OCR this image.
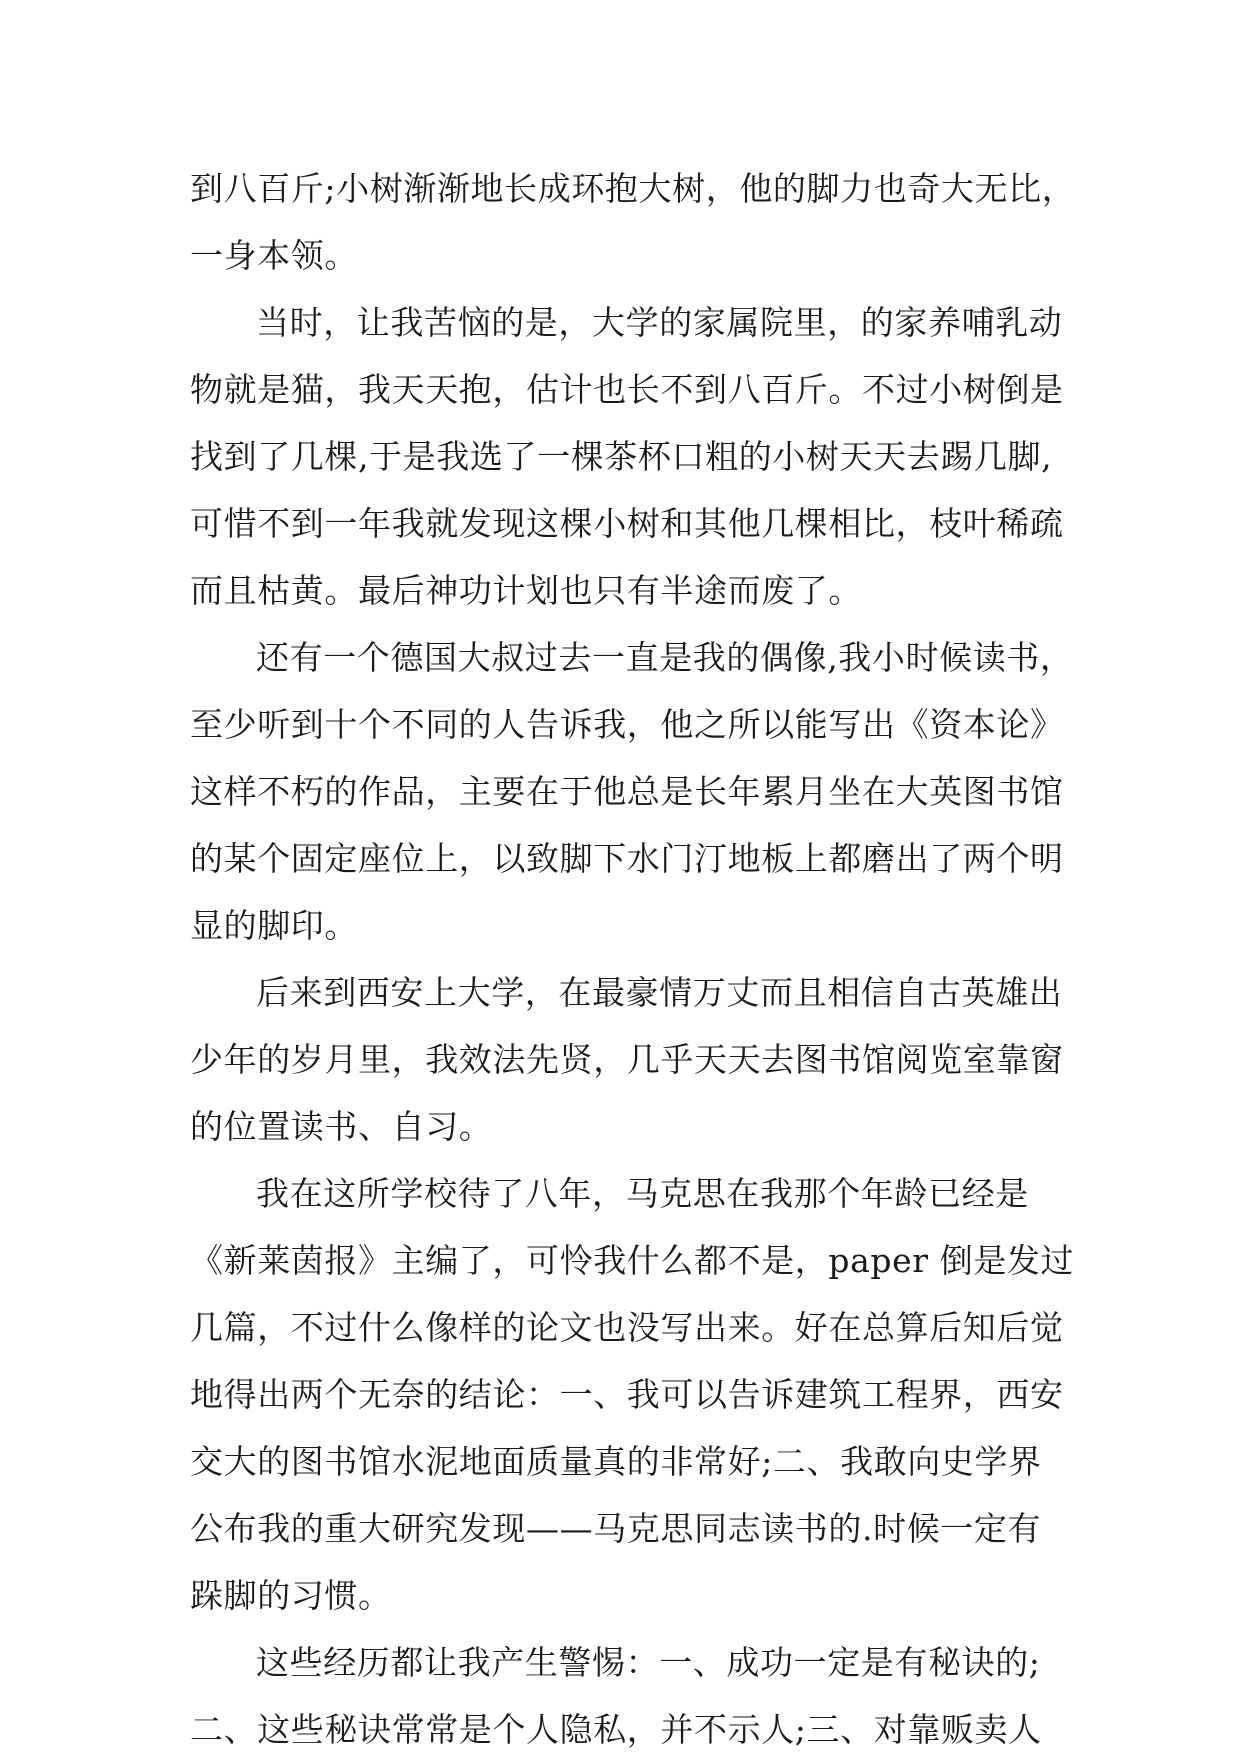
到八百斤;小树渐渐地长成环抱大树，他的脚力也奇大无比，
一身本领。
当时，让我苦恼的是，大学的家属院里，的家养哺乳动
物就是猫，我天天抱，估计也长不到八百斤。不过小树倒是
找到了几棵,于是我选了一棵茶杯口粗的小树天天去踢几脚,
可惜不到一年我就发现这棵小树和其他几棵相比，枝叶稀疏
而且枯黄。最后神功计划也只有半途而废了。
还有一个德国大叔过去一直是我的偶像,我小时候读书，
至少听到十个不同的人告诉我，他之所以能写出《资本论》
这样不朽的作品，主要在于他总是长年累月坐在大英图书馆
的某个固定座位上，以致脚下水门汀地板上都磨出了两个明
显的脚印。
后来到西安上大学，在最豪情万丈而且相信自古英雄出
少年的岁月里，我效法先贤，几乎天天去图书馆阅览室靠窗
的位置读书、自习。
我在这所学校待了八年，马克思在我那个年龄已经是
《新莱茵报》主编了，可怜我什么都不是，paper 倒是发过
几篇，不过什么像样的论文也没写出来。好在总算后知后觉
地得出两个无奈的结论：一、我可以告诉建筑工程界，西安
交大的图书馆水泥地面质量真的非常好;二、我敢向史学界
公布我的重大研究发现——马克思同志读书的.时候一定有
跺脚的习惯。
这些经历都让我产生警惕：一、成功一定是有秘诀的;
二、这些秘诀常常是个人隐私，并不示人;三、对靠贩卖人
